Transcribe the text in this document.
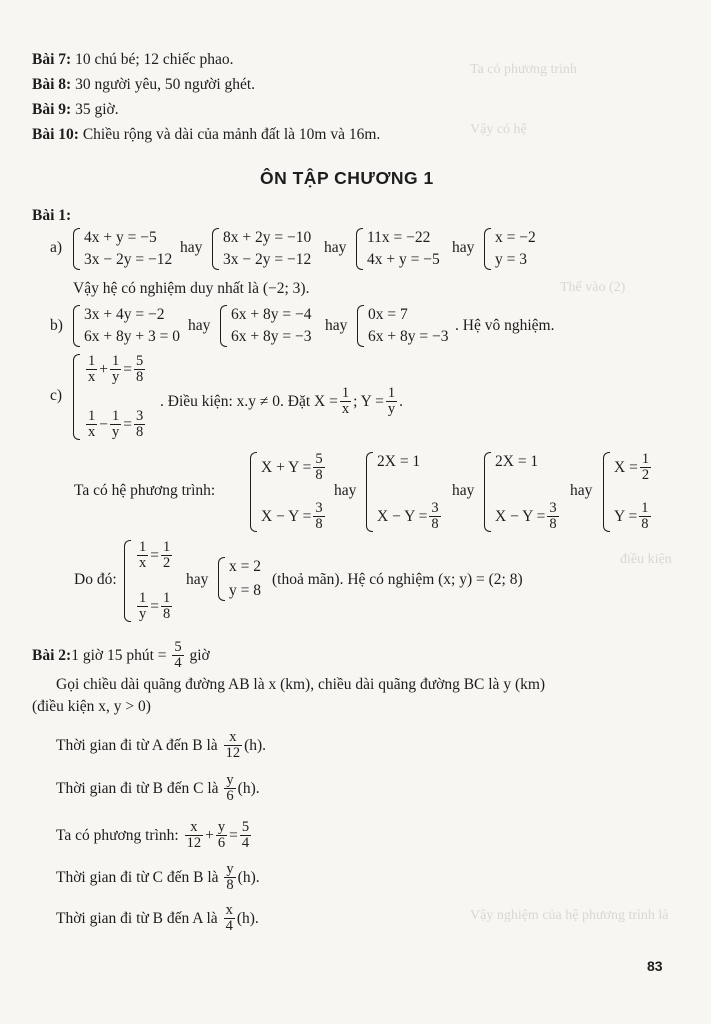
Ta có phương trình
Vậy có hệ
Thế vào (2)
điều kiện
Vậy nghiệm của hệ phương trình là
Bài 7: 10 chú bé; 12 chiếc phao.
Bài 8: 30 người yêu, 50 người ghét.
Bài 9: 35 giờ.
Bài 10: Chiều rộng và dài của mảnh đất là 10m và 16m.
ÔN TẬP CHƯƠNG 1
Bài 1:
a)
4x + y = −5
3x − 2y = −12
hay
8x + 2y = −10
3x − 2y = −12
hay
11x = −22
4x + y = −5
hay
x = −2
y = 3
Vậy hệ có nghiệm duy nhất là (−2; 3).
b)
3x + 4y = −2
6x + 8y + 3 = 0
hay
6x + 8y = −4
6x + 8y = −3
hay
0x = 7
6x + 8y = −3
. Hệ vô nghiệm.
c)
$\frac{1}{x} + \frac{1}{y} = \frac{5}{8}$
$\frac{1}{x} - \frac{1}{y} = \frac{3}{8}$
. Điều kiện: x.y ≠ 0. Đặt $X = \frac{1}{x}$ ; $Y = \frac{1}{y}$ .
Ta có hệ phương trình:
$X + Y = \frac{5}{8}$
$X - Y = \frac{3}{8}$
hay
2X = 1
$X - Y = \frac{3}{8}$
hay
2X = 1
$X - Y = \frac{3}{8}$
hay
$X = \frac{1}{2}$
$Y = \frac{1}{8}$
Do đó:
$\frac{1}{x} = \frac{1}{2}$
$\frac{1}{y} = \frac{1}{8}$
hay
x = 2
y = 8
(thoả mãn). Hệ có nghiệm (x; y) = (2; 8)
Bài 2: 1 giờ 15 phút =
$\frac{5}{4}$
giờ
Gọi chiều dài quãng đường AB là x (km), chiều dài quãng đường BC là y (km)
(điều kiện x, y > 0)
Thời gian đi từ A đến B là
$\frac{x}{12} (h)$.
Thời gian đi từ B đến C là
$\frac{y}{6} (h)$.
Ta có phương trình:
$\frac{x}{12} + \frac{y}{6} = \frac{5}{4}$
Thời gian đi từ C đến B là
$\frac{y}{8} (h)$.
Thời gian đi từ B đến A là
$\frac{x}{4} (h)$.
83
